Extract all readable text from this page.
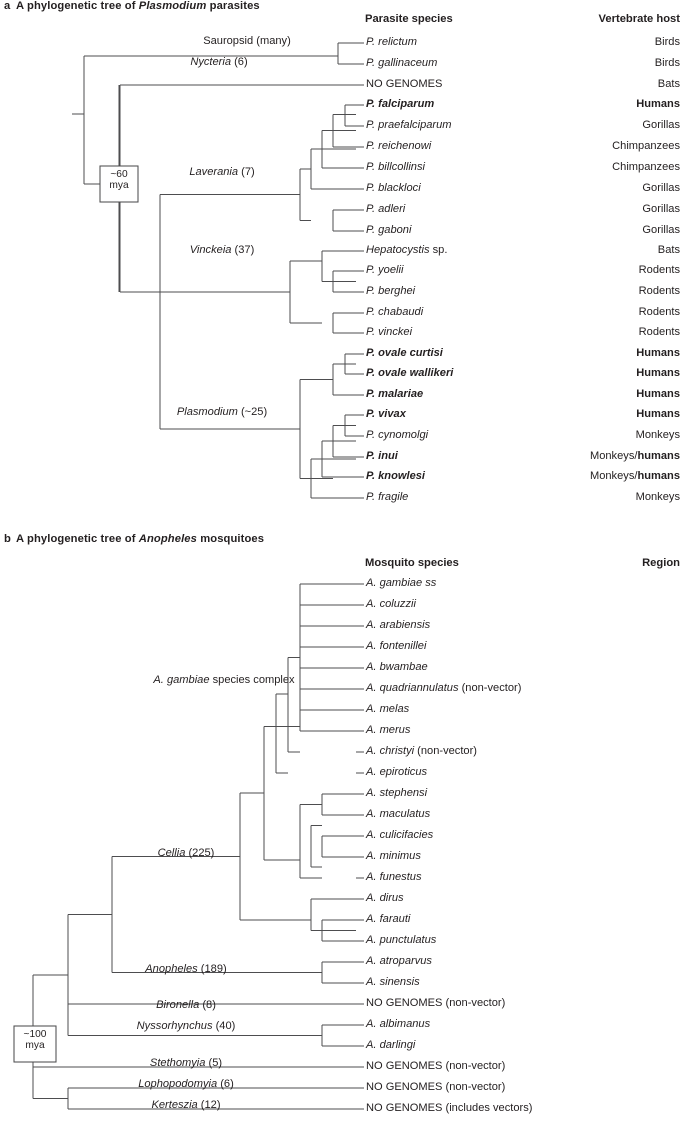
a A phylogenetic tree of Plasmodium parasites
Parasite species	Vertebrate host
~60
mya
Sauropsid (many)
Nycteria (6)
Laverania (7)
Vinckeia (37)
Plasmodium (~25)
P. relictum
P. gallinaceum
NO GENOMES
P. falciparum
P. praefalciparum
P. reichenowi
P. billcollinsi
P. blackloci
P. adleri
P. gaboni
Hepatocystis sp.
P. yoelii
P. berghei
P. chabaudi
P. vinckei
P. ovale curtisi
P. ovale wallikeri
P. malariae
P. vivax
P. cynomolgi
P. inui
P. knowlesi
P. fragile
Birds
Birds
Bats
Humans
Gorillas
Chimpanzees
Chimpanzees
Gorillas
Gorillas
Gorillas
Bats
Rodents
Rodents
Rodents
Rodents
Humans
Humans
Humans
Humans
Monkeys
Monkeys/humans
Monkeys/humans
Monkeys
b A phylogenetic tree of Anopheles mosquitoes
Mosquito species	Region
~100
mya
A. gambiae species complex
Cellia (225)
Anopheles (189)
Bironella (8)
Nyssorhynchus (40)
Stethomyia (5)
Lophopodomyia (6)
Kerteszia (12)
A. gambiae ss
A. coluzzii
A. arabiensis
A. fontenillei
A. bwambae
A. quadriannulatus (non-vector)
A. melas
A. merus
A. christyi (non-vector)
A. epiroticus
A. stephensi
A. maculatus
A. culicifacies
A. minimus
A. funestus
A. dirus
A. farauti
A. punctulatus
A. atroparvus
A. sinensis
NO GENOMES (non-vector)
A. albimanus
A. darlingi
NO GENOMES (non-vector)
NO GENOMES (non-vector)
NO GENOMES (includes vectors)
